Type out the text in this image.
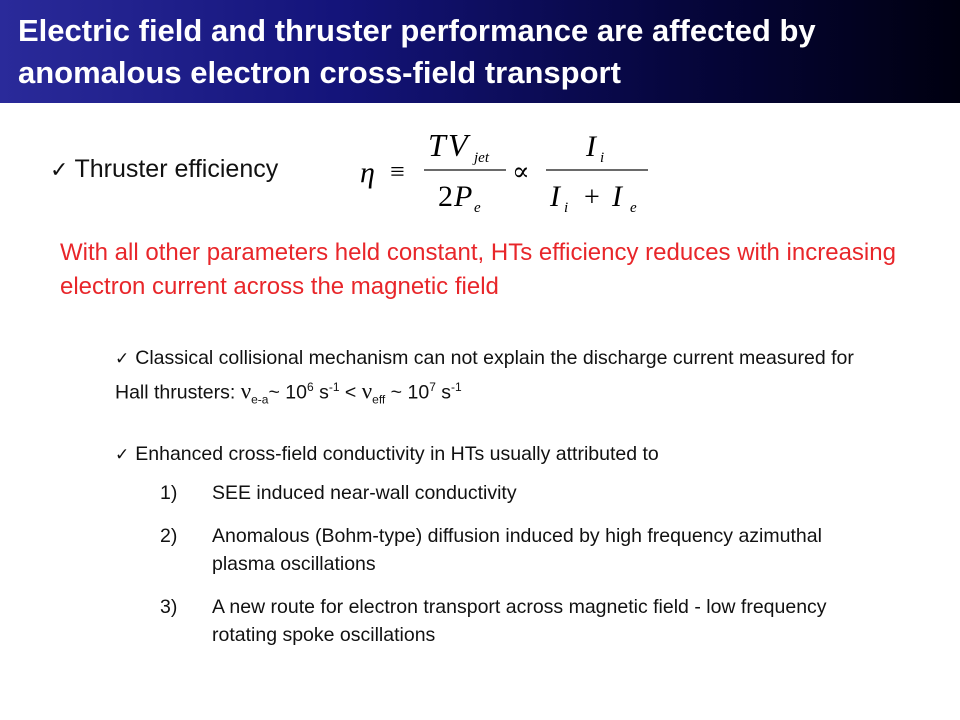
Electric field and thruster performance are affected by anomalous electron cross-field transport
✓ Thruster efficiency	η ≡
T V jet
2 P e
∝
I i
I i + I e
With all other parameters held constant, HTs efficiency reduces with increasing electron current across the magnetic field
✓ Classical collisional mechanism can not explain the discharge current measured for Hall thrusters: $\nu_{e-a}\sim$ $10^6$ $s^{-1} < \nu_{eff}$ ~ $10^7$ $s^{-1}$
✓ Enhanced cross-field conductivity in HTs usually attributed to
1) SEE induced near-wall conductivity
2) Anomalous (Bohm-type) diffusion induced by high frequency azimuthal plasma oscillations
3) A new route for electron transport across magnetic field - low frequency rotating spoke oscillations
